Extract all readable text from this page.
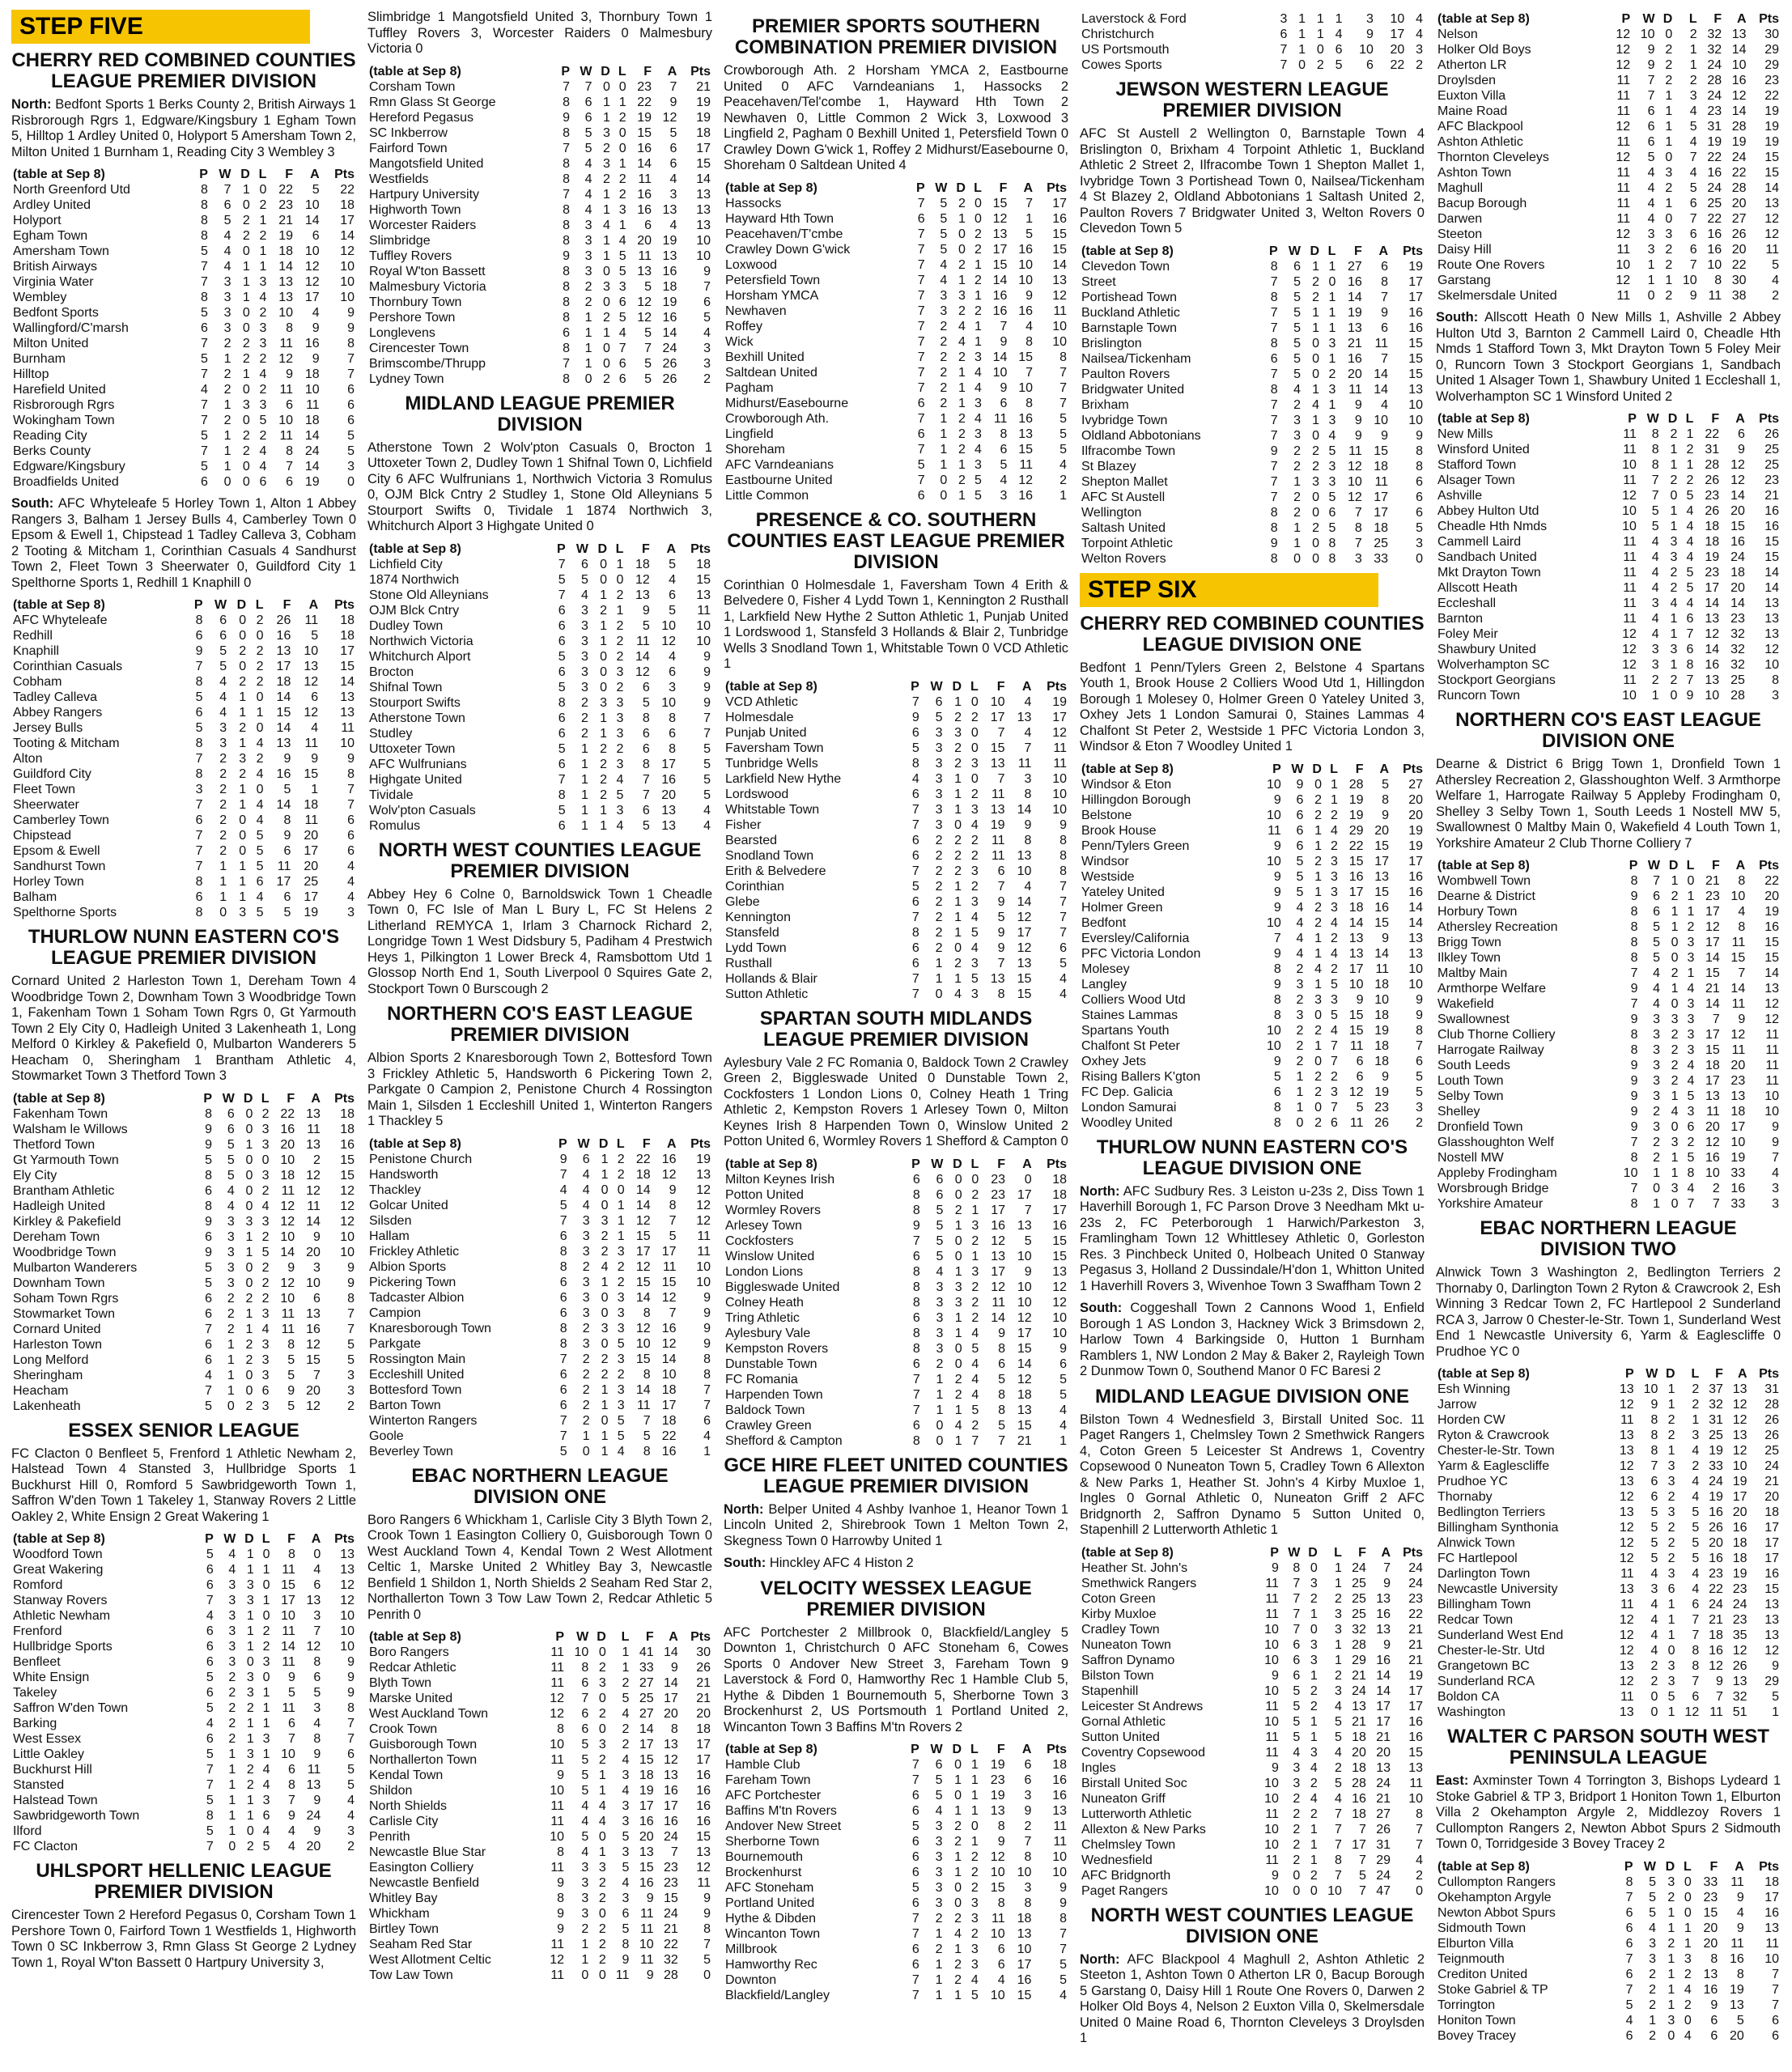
STEP FIVE
CHERRY RED COMBINED COUNTIES LEAGUE PREMIER DIVISION
North: Bedfont Sports 1 Berks County 2, British Airways 1 Risbrorough Rgrs 1, Edgware/Kingsbury 1 Egham Town 5, Hilltop 1 Ardley United 0, Holyport 5 Amersham Town 2, Milton United 1 Burnham 1, Reading City 3 Wembley 3
(table at Sep 8)	P	W	D	L	F	A	Pts
North Greenford Utd	8	7	1	0	22	5	22
Ardley United	8	6	0	2	23	10	18
Holyport	8	5	2	1	21	14	17
Egham Town	8	4	2	2	19	6	14
Amersham Town	5	4	0	1	18	10	12
British Airways	7	4	1	1	14	12	10
Virginia Water	7	3	1	3	13	12	10
Wembley	8	3	1	4	13	17	10
Bedfont Sports	5	3	0	2	10	4	9
Wallingford/C'marsh	6	3	0	3	8	9	9
Milton United	7	2	2	3	11	16	8
Burnham	5	1	2	2	12	9	7
Hilltop	7	2	1	4	9	18	7
Harefield United	4	2	0	2	11	10	6
Risbrorough Rgrs	7	1	3	3	6	11	6
Wokingham Town	7	2	0	5	10	18	6
Reading City	5	1	2	2	11	14	5
Berks County	7	1	2	4	8	24	5
Edgware/Kingsbury	5	1	0	4	7	14	3
Broadfields United	6	0	0	6	6	19	0
South: AFC Whyteleafe 5 Horley Town 1, Alton 1 Abbey Rangers 3, Balham 1 Jersey Bulls 4, Camberley Town 0 Epsom & Ewell 1, Chipstead 1 Tadley Calleva 3, Cobham 2 Tooting & Mitcham 1, Corinthian Casuals 4 Sandhurst Town 2, Fleet Town 3 Sheerwater 0, Guildford City 1 Spelthorne Sports 1, Redhill 1 Knaphill 0
(table at Sep 8)	P	W	D	L	F	A	Pts
AFC Whyteleafe	8	6	0	2	26	11	18
Redhill	6	6	0	0	16	5	18
Knaphill	9	5	2	2	13	10	17
Corinthian Casuals	7	5	0	2	17	13	15
Cobham	8	4	2	2	18	12	14
Tadley Calleva	5	4	1	0	14	6	13
Abbey Rangers	6	4	1	1	15	12	13
Jersey Bulls	5	3	2	0	14	4	11
Tooting & Mitcham	8	3	1	4	13	11	10
Alton	7	2	3	2	9	9	9
Guildford City	8	2	2	4	16	15	8
Fleet Town	3	2	1	0	5	1	7
Sheerwater	7	2	1	4	14	18	7
Camberley Town	6	2	0	4	8	11	6
Chipstead	7	2	0	5	9	20	6
Epsom & Ewell	7	2	0	5	6	17	6
Sandhurst Town	7	1	1	5	11	20	4
Horley Town	8	1	1	6	17	25	4
Balham	6	1	1	4	6	17	4
Spelthorne Sports	8	0	3	5	5	19	3
THURLOW NUNN EASTERN CO'S LEAGUE PREMIER DIVISION
Cornard United 2 Harleston Town 1, Dereham Town 4 Woodbridge Town 2, Downham Town 3 Woodbridge Town 1, Fakenham Town 1 Soham Town Rgrs 0, Gt Yarmouth Town 2 Ely City 0, Hadleigh United 3 Lakenheath 1, Long Melford 0 Kirkley & Pakefield 0, Mulbarton Wanderers 5 Heacham 0, Sheringham 1 Brantham Athletic 4, Stowmarket Town 3 Thetford Town 3
(table at Sep 8)	P	W	D	L	F	A	Pts
Fakenham Town	8	6	0	2	22	13	18
Walsham le Willows	9	6	0	3	16	11	18
Thetford Town	9	5	1	3	20	13	16
Gt Yarmouth Town	5	5	0	0	10	2	15
Ely City	8	5	0	3	18	12	15
Brantham Athletic	6	4	0	2	11	12	12
Hadleigh United	8	4	0	4	12	11	12
Kirkley & Pakefield	9	3	3	3	12	14	12
Dereham Town	6	3	1	2	10	9	10
Woodbridge Town	9	3	1	5	14	20	10
Mulbarton Wanderers	5	3	0	2	9	3	9
Downham Town	5	3	0	2	12	10	9
Soham Town Rgrs	6	2	2	2	10	6	8
Stowmarket Town	6	2	1	3	11	13	7
Cornard United	7	2	1	4	11	16	7
Harleston Town	6	1	2	3	8	12	5
Long Melford	6	1	2	3	5	15	5
Sheringham	4	1	0	3	5	7	3
Heacham	7	1	0	6	9	20	3
Lakenheath	5	0	2	3	5	12	2
ESSEX SENIOR LEAGUE
FC Clacton 0 Benfleet 5, Frenford 1 Athletic Newham 2, Halstead Town 4 Stansted 3, Hullbridge Sports 1 Buckhurst Hill 0, Romford 5 Sawbridgeworth Town 1, Saffron W'den Town 1 Takeley 1, Stanway Rovers 2 Little Oakley 2, White Ensign 2 Great Wakering 1
(table at Sep 8)	P	W	D	L	F	A	Pts
Woodford Town	5	4	1	0	8	0	13
Great Wakering	6	4	1	1	11	4	13
Romford	6	3	3	0	15	6	12
Stanway Rovers	7	3	3	1	17	13	12
Athletic Newham	4	3	1	0	10	3	10
Frenford	6	3	1	2	11	7	10
Hullbridge Sports	6	3	1	2	14	12	10
Benfleet	6	3	0	3	11	8	9
White Ensign	5	2	3	0	9	6	9
Takeley	6	2	3	1	5	5	9
Saffron W'den Town	5	2	2	1	11	3	8
Barking	4	2	1	1	6	4	7
West Essex	6	2	1	3	7	8	7
Little Oakley	5	1	3	1	10	9	6
Buckhurst Hill	7	1	2	4	6	11	5
Stansted	7	1	2	4	8	13	5
Halstead Town	5	1	1	3	7	9	4
Sawbridgeworth Town	8	1	1	6	9	24	4
Ilford	5	1	0	4	4	9	3
FC Clacton	7	0	2	5	4	20	2
UHLSPORT HELLENIC LEAGUE PREMIER DIVISION
Cirencester Town 2 Hereford Pegasus 0, Corsham Town 1 Pershore Town 0, Fairford Town 1 Westfields 1, Highworth Town 0 SC Inkberrow 3, Rmn Glass St George 2 Lydney Town 1, Royal W'ton Bassett 0 Hartpury University 3,
Slimbridge 1 Mangotsfield United 3, Thornbury Town 1 Tuffley Rovers 3, Worcester Raiders 0 Malmesbury Victoria 0
(table at Sep 8)	P	W	D	L	F	A	Pts
Corsham Town	7	7	0	0	23	7	21
Rmn Glass St George	8	6	1	1	22	9	19
Hereford Pegasus	9	6	1	2	19	12	19
SC Inkberrow	8	5	3	0	15	5	18
Fairford Town	7	5	2	0	16	6	17
Mangotsfield United	8	4	3	1	14	6	15
Westfields	8	4	2	2	11	4	14
Hartpury University	7	4	1	2	16	3	13
Highworth Town	8	4	1	3	16	13	13
Worcester Raiders	8	3	4	1	6	4	13
Slimbridge	8	3	1	4	20	19	10
Tuffley Rovers	9	3	1	5	11	13	10
Royal W'ton Bassett	8	3	0	5	13	16	9
Malmesbury Victoria	8	2	3	3	5	18	7
Thornbury Town	8	2	0	6	12	19	6
Pershore Town	8	1	2	5	12	16	5
Longlevens	6	1	1	4	5	14	4
Cirencester Town	8	1	0	7	7	24	3
Brimscombe/Thrupp	7	1	0	6	5	26	3
Lydney Town	8	0	2	6	5	26	2
MIDLAND LEAGUE PREMIER DIVISION
Atherstone Town 2 Wolv'pton Casuals 0, Brocton 1 Uttoxeter Town 2, Dudley Town 1 Shifnal Town 0, Lichfield City 6 AFC Wulfrunians 1, Northwich Victoria 3 Romulus 0, OJM Blck Cntry 2 Studley 1, Stone Old Alleynians 5 Stourport Swifts 0, Tividale 1 1874 Northwich 3, Whitchurch Alport 3 Highgate United 0
(table at Sep 8)	P	W	D	L	F	A	Pts
Lichfield City	7	6	0	1	18	5	18
1874 Northwich	5	5	0	0	12	4	15
Stone Old Alleynians	7	4	1	2	13	6	13
OJM Blck Cntry	6	3	2	1	9	5	11
Dudley Town	6	3	1	2	5	10	10
Northwich Victoria	6	3	1	2	11	12	10
Whitchurch Alport	5	3	0	2	14	4	9
Brocton	6	3	0	3	12	6	9
Shifnal Town	5	3	0	2	6	3	9
Stourport Swifts	8	2	3	3	5	10	9
Atherstone Town	6	2	1	3	8	8	7
Studley	6	2	1	3	6	6	7
Uttoxeter Town	5	1	2	2	6	8	5
AFC Wulfrunians	6	1	2	3	8	17	5
Highgate United	7	1	2	4	7	16	5
Tividale	8	1	2	5	7	20	5
Wolv'pton Casuals	5	1	1	3	6	13	4
Romulus	6	1	1	4	5	13	4
NORTH WEST COUNTIES LEAGUE PREMIER DIVISION
Abbey Hey 6 Colne 0, Barnoldswick Town 1 Cheadle Town 0, FC Isle of Man L Bury L, FC St Helens 2 Litherland REMYCA 1, Irlam 3 Charnock Richard 2, Longridge Town 1 West Didsbury 5, Padiham 4 Prestwich Heys 1, Pilkington 1 Lower Breck 4, Ramsbottom Utd 1 Glossop North End 1, South Liverpool 0 Squires Gate 2, Stockport Town 0 Burscough 2
NORTHERN CO'S EAST LEAGUE PREMIER DIVISION
Albion Sports 2 Knaresborough Town 2, Bottesford Town 3 Frickley Athletic 5, Handsworth 6 Pickering Town 2, Parkgate 0 Campion 2, Penistone Church 4 Rossington Main 1, Silsden 1 Eccleshill United 1, Winterton Rangers 1 Thackley 5
(table at Sep 8)	P	W	D	L	F	A	Pts
Penistone Church	9	6	1	2	22	16	19
Handsworth	7	4	1	2	18	12	13
Thackley	4	4	0	0	14	9	12
Golcar United	5	4	0	1	14	8	12
Silsden	7	3	3	1	12	7	12
Hallam	6	3	2	1	15	5	11
Frickley Athletic	8	3	2	3	17	17	11
Albion Sports	8	2	4	2	12	11	10
Pickering Town	6	3	1	2	15	15	10
Tadcaster Albion	6	3	0	3	14	12	9
Campion	6	3	0	3	8	7	9
Knaresborough Town	8	2	3	3	12	16	9
Parkgate	8	3	0	5	10	12	9
Rossington Main	7	2	2	3	15	14	8
Eccleshill United	6	2	2	2	8	10	8
Bottesford Town	6	2	1	3	14	18	7
Barton Town	6	2	1	3	11	17	7
Winterton Rangers	7	2	0	5	7	18	6
Goole	7	1	1	5	5	22	4
Beverley Town	5	0	1	4	8	16	1
EBAC NORTHERN LEAGUE DIVISION ONE
Boro Rangers 6 Whickham 1, Carlisle City 3 Blyth Town 2, Crook Town 1 Easington Colliery 0, Guisborough Town 0 West Auckland Town 4, Kendal Town 2 West Allotment Celtic 1, Marske United 2 Whitley Bay 3, Newcastle Benfield 1 Shildon 1, North Shields 2 Seaham Red Star 2, Northallerton Town 3 Tow Law Town 2, Redcar Athletic 5 Penrith 0
(table at Sep 8)	P	W	D	L	F	A	Pts
Boro Rangers	11	10	0	1	41	14	30
Redcar Athletic	11	8	2	1	33	9	26
Blyth Town	11	6	3	2	27	14	21
Marske United	12	7	0	5	25	17	21
West Auckland Town	12	6	2	4	27	20	20
Crook Town	8	6	0	2	14	8	18
Guisborough Town	10	5	3	2	17	13	17
Northallerton Town	11	5	2	4	15	12	17
Kendal Town	9	5	1	3	18	13	16
Shildon	10	5	1	4	19	16	16
North Shields	11	4	4	3	17	17	16
Carlisle City	11	4	4	3	16	16	16
Penrith	10	5	0	5	20	24	15
Newcastle Blue Star	8	4	1	3	13	7	13
Easington Colliery	11	3	3	5	15	23	12
Newcastle Benfield	9	3	2	4	16	23	11
Whitley Bay	8	3	2	3	9	15	9
Whickham	9	3	0	6	11	24	9
Birtley Town	9	2	2	5	11	21	8
Seaham Red Star	11	1	2	8	10	22	7
West Allotment Celtic	12	1	2	9	11	32	5
Tow Law Town	11	0	0	11	9	28	0
PREMIER SPORTS SOUTHERN COMBINATION PREMIER DIVISION
Crowborough Ath. 2 Horsham YMCA 2, Eastbourne United 0 AFC Varndeanians 1, Hassocks 2 Peacehaven/Tel'combe 1, Hayward Hth Town 2 Newhaven 0, Little Common 2 Wick 3, Loxwood 3 Lingfield 2, Pagham 0 Bexhill United 1, Petersfield Town 0 Crawley Down G'wick 1, Roffey 2 Midhurst/Easebourne 0, Shoreham 0 Saltdean United 4
(table at Sep 8)	P	W	D	L	F	A	Pts
Hassocks	7	5	2	0	15	7	17
Hayward Hth Town	6	5	1	0	12	1	16
Peacehaven/T'cmbe	7	5	0	2	13	5	15
Crawley Down G'wick	7	5	0	2	17	16	15
Loxwood	7	4	2	1	15	10	14
Petersfield Town	7	4	1	2	14	10	13
Horsham YMCA	7	3	3	1	16	9	12
Newhaven	7	3	2	2	16	16	11
Roffey	7	2	4	1	7	4	10
Wick	7	2	4	1	9	8	10
Bexhill United	7	2	2	3	14	15	8
Saltdean United	7	2	1	4	10	7	7
Pagham	7	2	1	4	9	10	7
Midhurst/Easebourne	6	2	1	3	6	8	7
Crowborough Ath.	7	1	2	4	11	16	5
Lingfield	6	1	2	3	8	13	5
Shoreham	7	1	2	4	6	15	5
AFC Varndeanians	5	1	1	3	5	11	4
Eastbourne United	7	0	2	5	4	12	2
Little Common	6	0	1	5	3	16	1
PRESENCE & CO. SOUTHERN COUNTIES EAST LEAGUE PREMIER DIVISION
Corinthian 0 Holmesdale 1, Faversham Town 4 Erith & Belvedere 0, Fisher 4 Lydd Town 1, Kennington 2 Rusthall 1, Larkfield New Hythe 2 Sutton Athletic 1, Punjab United 1 Lordswood 1, Stansfeld 3 Hollands & Blair 2, Tunbridge Wells 3 Snodland Town 1, Whitstable Town 0 VCD Athletic 1
(table at Sep 8)	P	W	D	L	F	A	Pts
VCD Athletic	7	6	1	0	10	4	19
Holmesdale	9	5	2	2	17	13	17
Punjab United	6	3	3	0	7	4	12
Faversham Town	5	3	2	0	15	7	11
Tunbridge Wells	8	3	2	3	13	11	11
Larkfield New Hythe	4	3	1	0	7	3	10
Lordswood	6	3	1	2	11	8	10
Whitstable Town	7	3	1	3	13	14	10
Fisher	7	3	0	4	19	9	9
Bearsted	6	2	2	2	11	8	8
Snodland Town	6	2	2	2	11	13	8
Erith & Belvedere	7	2	2	3	6	10	8
Corinthian	5	2	1	2	7	4	7
Glebe	6	2	1	3	9	14	7
Kennington	7	2	1	4	5	12	7
Stansfeld	8	2	1	5	9	17	7
Lydd Town	6	2	0	4	9	12	6
Rusthall	6	1	2	3	7	13	5
Hollands & Blair	7	1	1	5	13	15	4
Sutton Athletic	7	0	4	3	8	15	4
SPARTAN SOUTH MIDLANDS LEAGUE PREMIER DIVISION
Aylesbury Vale 2 FC Romania 0, Baldock Town 2 Crawley Green 2, Biggleswade United 0 Dunstable Town 2, Cockfosters 1 London Lions 0, Colney Heath 1 Tring Athletic 2, Kempston Rovers 1 Arlesey Town 0, Milton Keynes Irish 8 Harpenden Town 0, Winslow United 2 Potton United 6, Wormley Rovers 1 Shefford & Campton 0
(table at Sep 8)	P	W	D	L	F	A	Pts
Milton Keynes Irish	6	6	0	0	23	0	18
Potton United	8	6	0	2	23	17	18
Wormley Rovers	8	5	2	1	17	7	17
Arlesey Town	9	5	1	3	16	13	16
Cockfosters	7	5	0	2	12	5	15
Winslow United	6	5	0	1	13	10	15
London Lions	8	4	1	3	17	9	13
Biggleswade United	8	3	3	2	12	10	12
Colney Heath	8	3	3	2	11	10	12
Tring Athletic	6	3	1	2	14	12	10
Aylesbury Vale	8	3	1	4	9	17	10
Kempston Rovers	8	3	0	5	8	15	9
Dunstable Town	6	2	0	4	6	14	6
FC Romania	7	1	2	4	5	12	5
Harpenden Town	7	1	2	4	8	18	5
Baldock Town	7	1	1	5	8	13	4
Crawley Green	6	0	4	2	5	15	4
Shefford & Campton	8	0	1	7	7	21	1
GCE HIRE FLEET UNITED COUNTIES LEAGUE PREMIER DIVISION
North: Belper United 4 Ashby Ivanhoe 1, Heanor Town 1 Lincoln United 2, Shirebrook Town 1 Melton Town 2, Skegness Town 0 Harrowby United 1
South: Hinckley AFC 4 Histon 2
VELOCITY WESSEX LEAGUE PREMIER DIVISION
AFC Portchester 2 Millbrook 0, Blackfield/Langley 5 Downton 1, Christchurch 0 AFC Stoneham 6, Cowes Sports 0 Andover New Street 3, Fareham Town 9 Laverstock & Ford 0, Hamworthy Rec 1 Hamble Club 5, Hythe & Dibden 1 Bournemouth 5, Sherborne Town 3 Brockenhurst 2, US Portsmouth 1 Portland United 2, Wincanton Town 3 Baffins M'tn Rovers 2
(table at Sep 8)	P	W	D	L	F	A	Pts
Hamble Club	7	6	0	1	19	6	18
Fareham Town	7	5	1	1	23	6	16
AFC Portchester	6	5	0	1	19	3	16
Baffins M'tn Rovers	6	4	1	1	13	9	13
Andover New Street	5	3	2	0	8	2	11
Sherborne Town	6	3	2	1	9	7	11
Bournemouth	6	3	1	2	12	8	10
Brockenhurst	6	3	1	2	10	10	10
AFC Stoneham	5	3	0	2	15	3	9
Portland United	6	3	0	3	8	8	9
Hythe & Dibden	7	2	2	3	11	18	8
Wincanton Town	7	1	4	2	10	13	7
Millbrook	6	2	1	3	6	10	7
Hamworthy Rec	6	1	2	3	6	17	5
Downton	7	1	2	4	4	16	5
Blackfield/Langley	7	1	1	5	10	15	4
Laverstock & Ford	3	1	1	1	3	10	4
Christchurch	6	1	1	4	9	17	4
US Portsmouth	7	1	0	6	10	20	3
Cowes Sports	7	0	2	5	6	22	2
JEWSON WESTERN LEAGUE PREMIER DIVISION
AFC St Austell 2 Wellington 0, Barnstaple Town 4 Brislington 0, Brixham 4 Torpoint Athletic 1, Buckland Athletic 2 Street 2, Ilfracombe Town 1 Shepton Mallet 1, Ivybridge Town 3 Portishead Town 0, Nailsea/Tickenham 4 St Blazey 2, Oldland Abbotonians 1 Saltash United 2, Paulton Rovers 7 Bridgwater United 3, Welton Rovers 0 Clevedon Town 5
(table at Sep 8)	P	W	D	L	F	A	Pts
Clevedon Town	8	6	1	1	27	6	19
Street	7	5	2	0	16	8	17
Portishead Town	8	5	2	1	14	7	17
Buckland Athletic	7	5	1	1	19	9	16
Barnstaple Town	7	5	1	1	13	6	16
Brislington	8	5	0	3	21	11	15
Nailsea/Tickenham	6	5	0	1	16	7	15
Paulton Rovers	7	5	0	2	20	14	15
Bridgwater United	8	4	1	3	11	14	13
Brixham	7	2	4	1	9	4	10
Ivybridge Town	7	3	1	3	9	10	10
Oldland Abbotonians	7	3	0	4	9	9	9
Ilfracombe Town	9	2	2	5	11	15	8
St Blazey	7	2	2	3	12	18	8
Shepton Mallet	7	1	3	3	10	11	6
AFC St Austell	7	2	0	5	12	17	6
Wellington	8	2	0	6	7	17	6
Saltash United	8	1	2	5	8	18	5
Torpoint Athletic	9	1	0	8	7	25	3
Welton Rovers	8	0	0	8	3	33	0
STEP SIX
CHERRY RED COMBINED COUNTIES LEAGUE DIVISION ONE
Bedfont 1 Penn/Tylers Green 2, Belstone 4 Spartans Youth 1, Brook House 2 Colliers Wood Utd 1, Hillingdon Borough 1 Molesey 0, Holmer Green 0 Yateley United 3, Oxhey Jets 1 London Samurai 0, Staines Lammas 4 Chalfont St Peter 2, Westside 1 PFC Victoria London 3, Windsor & Eton 7 Woodley United 1
(table at Sep 8)	P	W	D	L	F	A	Pts
Windsor & Eton	10	9	0	1	28	5	27
Hillingdon Borough	9	6	2	1	19	8	20
Belstone	10	6	2	2	19	9	20
Brook House	11	6	1	4	29	20	19
Penn/Tylers Green	9	6	1	2	22	15	19
Windsor	10	5	2	3	15	17	17
Westside	9	5	1	3	16	13	16
Yateley United	9	5	1	3	17	15	16
Holmer Green	9	4	2	3	18	16	14
Bedfont	10	4	2	4	14	15	14
Eversley/California	7	4	1	2	13	9	13
PFC Victoria London	9	4	1	4	13	14	13
Molesey	8	2	4	2	17	11	10
Langley	9	3	1	5	10	18	10
Colliers Wood Utd	8	2	3	3	9	10	9
Staines Lammas	8	3	0	5	15	18	9
Spartans Youth	10	2	2	4	15	19	8
Chalfont St Peter	10	2	1	7	11	18	7
Oxhey Jets	9	2	0	7	6	18	6
Rising Ballers K'gton	5	1	2	2	6	9	5
FC Dep. Galicia	6	1	2	3	12	19	5
London Samurai	8	1	0	7	5	23	3
Woodley United	8	0	2	6	11	26	2
THURLOW NUNN EASTERN CO'S LEAGUE DIVISION ONE
North: AFC Sudbury Res. 3 Leiston u-23s 2, Diss Town 1 Haverhill Borough 1, FC Parson Drove 3 Needham Mkt u-23s 2, FC Peterborough 1 Harwich/Parkeston 3, Framlingham Town 12 Whittlesey Athletic 0, Gorleston Res. 3 Pinchbeck United 0, Holbeach United 0 Stanway Pegasus 3, Holland 2 Dussindale/H'don 1, Whitton United 1 Haverhill Rovers 3, Wivenhoe Town 3 Swaffham Town 2
South: Coggeshall Town 2 Cannons Wood 1, Enfield Borough 1 AS London 3, Hackney Wick 3 Brimsdown 2, Harlow Town 4 Barkingside 0, Hutton 1 Burnham Ramblers 1, NW London 2 May & Baker 2, Rayleigh Town 2 Dunmow Town 0, Southend Manor 0 FC Baresi 2
MIDLAND LEAGUE DIVISION ONE
Bilston Town 4 Wednesfield 3, Birstall United Soc. 11 Paget Rangers 1, Chelmsley Town 2 Smethwick Rangers 4, Coton Green 5 Leicester St Andrews 1, Coventry Copsewood 0 Nuneaton Town 5, Cradley Town 6 Allexton & New Parks 1, Heather St. John's 4 Kirby Muxloe 1, Ingles 0 Gornal Athletic 0, Nuneaton Griff 2 AFC Bridgnorth 2, Saffron Dynamo 5 Sutton United 0, Stapenhill 2 Lutterworth Athletic 1
(table at Sep 8)	P	W	D	L	F	A	Pts
Heather St. John's	9	8	0	1	24	7	24
Smethwick Rangers	11	7	3	1	25	9	24
Coton Green	11	7	2	2	25	13	23
Kirby Muxloe	11	7	1	3	25	16	22
Cradley Town	10	7	0	3	32	13	21
Nuneaton Town	10	6	3	1	28	9	21
Saffron Dynamo	10	6	3	1	29	16	21
Bilston Town	9	6	1	2	21	14	19
Stapenhill	10	5	2	3	24	14	17
Leicester St Andrews	11	5	2	4	13	17	17
Gornal Athletic	10	5	1	5	21	17	16
Sutton United	11	5	1	5	18	21	16
Coventry Copsewood	11	4	3	4	20	20	15
Ingles	9	3	4	2	18	13	13
Birstall United Soc	10	3	2	5	28	24	11
Nuneaton Griff	10	2	4	4	16	21	10
Lutterworth Athletic	11	2	2	7	18	27	8
Allexton & New Parks	10	2	1	7	7	26	7
Chelmsley Town	10	2	1	7	17	31	7
Wednesfield	11	2	1	8	7	29	4
AFC Bridgnorth	9	0	2	7	5	24	2
Paget Rangers	10	0	0	10	7	47	0
NORTH WEST COUNTIES LEAGUE DIVISION ONE
North: AFC Blackpool 4 Maghull 2, Ashton Athletic 2 Steeton 1, Ashton Town 0 Atherton LR 0, Bacup Borough 5 Garstang 0, Daisy Hill 1 Route One Rovers 0, Darwen 2 Holker Old Boys 4, Nelson 2 Euxton Villa 0, Skelmersdale United 0 Maine Road 6, Thornton Cleveleys 3 Droylsden 1
(table at Sep 8)	P	W	D	L	F	A	Pts
Nelson	12	10	0	2	32	13	30
Holker Old Boys	12	9	2	1	32	14	29
Atherton LR	12	9	2	1	24	10	29
Droylsden	11	7	2	2	28	16	23
Euxton Villa	11	7	1	3	24	12	22
Maine Road	11	6	1	4	23	14	19
AFC Blackpool	12	6	1	5	31	28	19
Ashton Athletic	11	6	1	4	19	19	19
Thornton Cleveleys	12	5	0	7	22	24	15
Ashton Town	11	4	3	4	16	22	15
Maghull	11	4	2	5	24	28	14
Bacup Borough	11	4	1	6	25	20	13
Darwen	11	4	0	7	22	27	12
Steeton	12	3	3	6	16	26	12
Daisy Hill	11	3	2	6	16	20	11
Route One Rovers	10	1	2	7	10	22	5
Garstang	12	1	1	10	8	30	4
Skelmersdale United	11	0	2	9	11	38	2
South: Allscott Heath 0 New Mills 1, Ashville 2 Abbey Hulton Utd 3, Barnton 2 Cammell Laird 0, Cheadle Hth Nmds 1 Stafford Town 3, Mkt Drayton Town 5 Foley Meir 0, Runcorn Town 3 Stockport Georgians 1, Sandbach United 1 Alsager Town 1, Shawbury United 1 Eccleshall 1, Wolverhampton SC 1 Winsford United 2
(table at Sep 8)	P	W	D	L	F	A	Pts
New Mills	11	8	2	1	22	6	26
Winsford United	11	8	1	2	31	9	25
Stafford Town	10	8	1	1	28	12	25
Alsager Town	11	7	2	2	26	12	23
Ashville	12	7	0	5	23	14	21
Abbey Hulton Utd	10	5	1	4	26	20	16
Cheadle Hth Nmds	10	5	1	4	18	15	16
Cammell Laird	11	4	3	4	18	16	15
Sandbach United	11	4	3	4	19	24	15
Mkt Drayton Town	11	4	2	5	23	18	14
Allscott Heath	11	4	2	5	17	20	14
Eccleshall	11	3	4	4	14	14	13
Barnton	11	4	1	6	13	23	13
Foley Meir	12	4	1	7	12	32	13
Shawbury United	12	3	3	6	14	32	12
Wolverhampton SC	12	3	1	8	16	32	10
Stockport Georgians	11	2	2	7	13	25	8
Runcorn Town	10	1	0	9	10	28	3
NORTHERN CO'S EAST LEAGUE DIVISION ONE
Dearne & District 6 Brigg Town 1, Dronfield Town 1 Athersley Recreation 2, Glasshoughton Welf. 3 Armthorpe Welfare 1, Harrogate Railway 5 Appleby Frodingham 0, Shelley 3 Selby Town 1, South Leeds 1 Nostell MW 5, Swallownest 0 Maltby Main 0, Wakefield 4 Louth Town 1, Yorkshire Amateur 2 Club Thorne Colliery 7
(table at Sep 8)	P	W	D	L	F	A	Pts
Wombwell Town	8	7	1	0	21	8	22
Dearne & District	9	6	2	1	23	10	20
Horbury Town	8	6	1	1	17	4	19
Athersley Recreation	8	5	1	2	12	8	16
Brigg Town	8	5	0	3	17	11	15
Ilkley Town	8	5	0	3	14	15	15
Maltby Main	7	4	2	1	15	7	14
Armthorpe Welfare	9	4	1	4	21	14	13
Wakefield	7	4	0	3	14	11	12
Swallownest	9	3	3	3	7	9	12
Club Thorne Colliery	8	3	2	3	17	12	11
Harrogate Railway	8	3	2	3	15	11	11
South Leeds	9	3	2	4	18	20	11
Louth Town	9	3	2	4	17	23	11
Selby Town	9	3	1	5	13	13	10
Shelley	9	2	4	3	11	18	10
Dronfield Town	9	3	0	6	20	17	9
Glasshoughton Welf	7	2	3	2	12	10	9
Nostell MW	8	2	1	5	16	19	7
Appleby Frodingham	10	1	1	8	10	33	4
Worsbrough Bridge	7	0	3	4	2	16	3
Yorkshire Amateur	8	1	0	7	7	33	3
EBAC NORTHERN LEAGUE DIVISION TWO
Alnwick Town 3 Washington 2, Bedlington Terriers 2 Thornaby 0, Darlington Town 2 Ryton & Crawcrook 2, Esh Winning 3 Redcar Town 2, FC Hartlepool 2 Sunderland RCA 3, Jarrow 0 Chester-le-Str. Town 1, Sunderland West End 1 Newcastle University 6, Yarm & Eaglescliffe 0 Prudhoe YC 0
(table at Sep 8)	P	W	D	L	F	A	Pts
Esh Winning	13	10	1	2	37	13	31
Jarrow	12	9	1	2	32	12	28
Horden CW	11	8	2	1	31	12	26
Ryton & Crawcrook	13	8	2	3	25	13	26
Chester-le-Str. Town	13	8	1	4	19	12	25
Yarm & Eaglescliffe	12	7	3	2	33	10	24
Prudhoe YC	13	6	3	4	24	19	21
Thornaby	12	6	2	4	19	17	20
Bedlington Terriers	13	5	3	5	16	20	18
Billingham Synthonia	12	5	2	5	26	16	17
Alnwick Town	12	5	2	5	20	18	17
FC Hartlepool	12	5	2	5	16	18	17
Darlington Town	11	4	3	4	23	19	16
Newcastle University	13	3	6	4	22	23	15
Billingham Town	11	4	1	6	24	24	13
Redcar Town	12	4	1	7	21	23	13
Sunderland West End	12	4	1	7	18	35	13
Chester-le-Str. Utd	12	4	0	8	16	12	12
Grangetown BC	13	2	3	8	12	26	9
Sunderland RCA	12	2	3	7	9	13	29
Boldon CA	11	0	5	6	7	32	5
Washington	13	0	1	12	11	51	1
WALTER C PARSON SOUTH WEST PENINSULA LEAGUE
East: Axminster Town 4 Torrington 3, Bishops Lydeard 1 Stoke Gabriel & TP 3, Bridport 1 Honiton Town 1, Elburton Villa 2 Okehampton Argyle 2, Middlezoy Rovers 1 Cullompton Rangers 2, Newton Abbot Spurs 2 Sidmouth Town 0, Torridgeside 3 Bovey Tracey 2
(table at Sep 8)	P	W	D	L	F	A	Pts
Cullompton Rangers	8	5	3	0	33	11	18
Okehampton Argyle	7	5	2	0	23	9	17
Newton Abbot Spurs	6	5	1	0	15	4	16
Sidmouth Town	6	4	1	1	20	9	13
Elburton Villa	6	3	2	1	20	11	11
Teignmouth	7	3	1	3	8	16	10
Crediton United	6	2	1	2	13	8	7
Stoke Gabriel & TP	7	2	1	4	16	19	7
Torrington	5	2	1	2	9	13	7
Honiton Town	4	1	3	0	6	5	6
Bovey Tracey	6	2	0	4	6	20	6
